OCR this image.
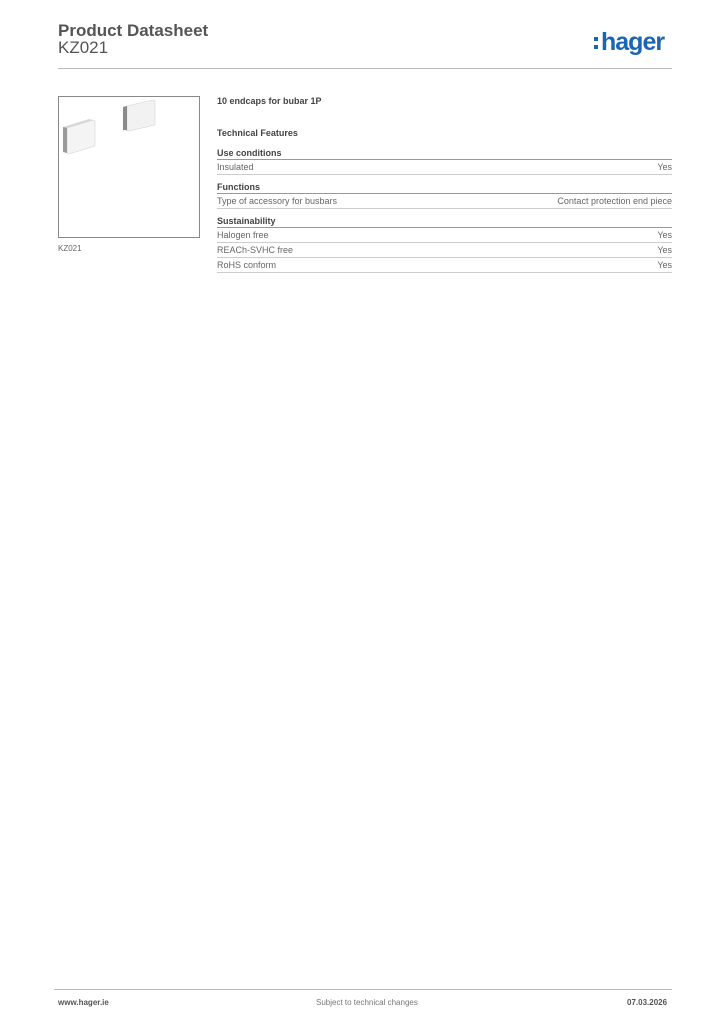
Product Datasheet
KZ021	hager
KZ021
10 endcaps for bubar 1P
Technical Features
Use conditions
Insulated	Yes
Functions
Type of accessory for busbars	Contact protection end piece
Sustainability
Halogen free	Yes
REACh-SVHC free	Yes
RoHS conform	Yes
www.hager.ie	Subject to technical changes	07.03.2026
